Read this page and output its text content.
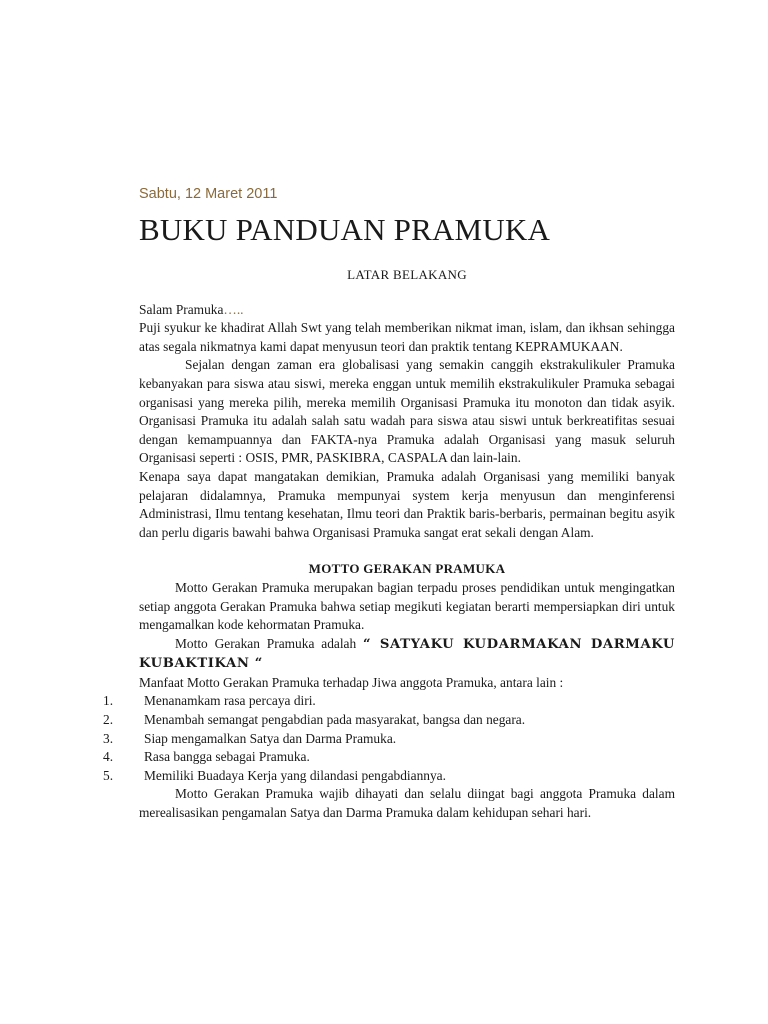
Sabtu, 12 Maret 2011

BUKU PANDUAN PRAMUKA

LATAR BELAKANG

Salam Pramuka…..

Puji syukur ke khadirat Allah Swt yang telah memberikan nikmat iman, islam, dan ikhsan sehingga atas segala nikmatnya kami dapat menyusun teori dan praktik tentang KEPRAMUKAAN.

Sejalan dengan zaman era globalisasi yang semakin canggih ekstrakulikuler Pramuka kebanyakan para siswa atau siswi, mereka enggan untuk memilih ekstrakulikuler Pramuka sebagai organisasi yang mereka pilih, mereka memilih Organisasi Pramuka itu monoton dan tidak asyik. Organisasi Pramuka itu adalah salah satu wadah para siswa atau siswi untuk berkreatifitas sesuai dengan kemampuannya dan FAKTA-nya Pramuka adalah Organisasi yang masuk seluruh Organisasi seperti : OSIS, PMR, PASKIBRA, CASPALA dan lain-lain.

Kenapa saya dapat mangatakan demikian, Pramuka adalah Organisasi yang memiliki banyak pelajaran didalamnya, Pramuka mempunyai system kerja menyusun dan menginferensi Administrasi, Ilmu tentang kesehatan, Ilmu teori dan Praktik baris-berbaris, permainan begitu asyik dan perlu digaris bawahi bahwa Organisasi Pramuka sangat erat sekali dengan Alam.

MOTTO GERAKAN PRAMUKA

Motto Gerakan Pramuka merupakan bagian terpadu proses pendidikan untuk mengingatkan setiap anggota Gerakan Pramuka bahwa setiap megikuti kegiatan berarti mempersiapkan diri untuk mengamalkan kode kehormatan Pramuka.

Motto Gerakan Pramuka adalah “ SATYAKU KUDARMAKAN DARMAKU KUBAKTIKAN “

Manfaat Motto Gerakan Pramuka terhadap Jiwa anggota Pramuka, antara lain :

1.	Menanamkam rasa percaya diri.
2.	Menambah semangat pengabdian pada masyarakat, bangsa dan negara.
3.	Siap mengamalkan Satya dan Darma Pramuka.
4.	Rasa bangga sebagai Pramuka.
5.	Memiliki Buadaya Kerja yang dilandasi pengabdiannya.

Motto Gerakan Pramuka wajib dihayati dan selalu diingat bagi anggota Pramuka dalam merealisasikan pengamalan Satya dan Darma Pramuka dalam kehidupan sehari hari.
